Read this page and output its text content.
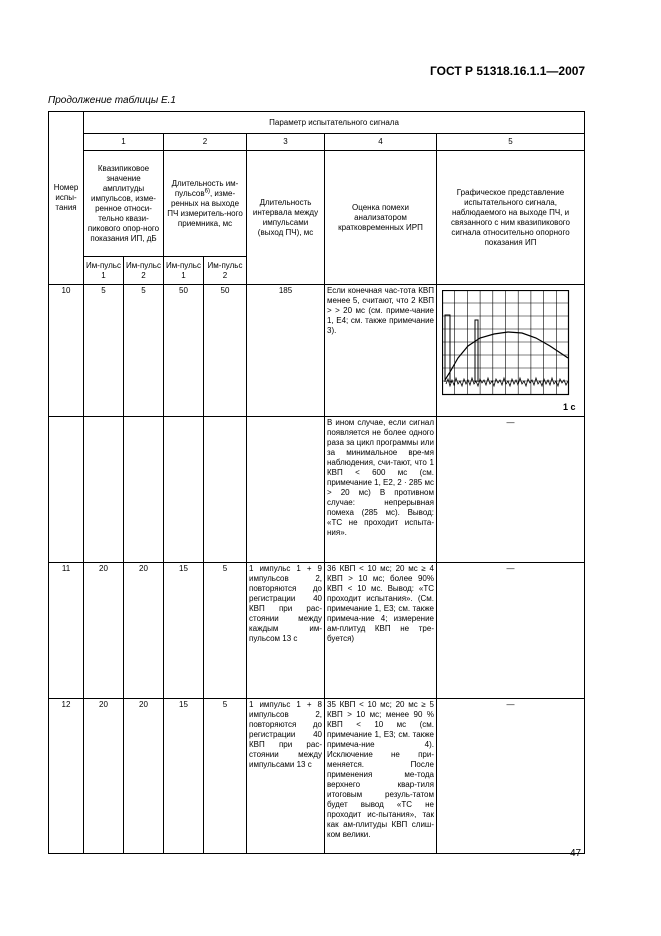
ГОСТ Р 51318.16.1.1—2007
Продолжение таблицы Е.1
Номер испы-тания	Параметр испытательного сигнала						
	1		2		3	4	5
	Квазипиковое значение амплитуды импульсов, изме-ренное относи-тельно квази-пикового опор-ного показания ИП, дБ		Длительность им-пульсов$^{6)}$, изме-ренных на выходе ПЧ измеритель-ного приемника, мс		Длительность интервала между импульсами (выход ПЧ), мс	Оценка помехи анализатором кратковременных ИРП	Графическое представление испытательного сигнала, наблюдаемого на выходе ПЧ, и связанного с ним квазипикового сигнала относительно опорного показания ИП
	Им-пульс 1	Им-пульс 2	Им-пульс 1	Им-пульс 2			
10	5	5	50	50	185	Если конечная час-тота КВП менее 5, считают, что 2 КВП > > 20 мс (см. приме-чание 1, Е4; см. также примечание 3).	1 с

						В ином случае, если сигнал появляется не более одного раза за цикл программы или за минимальное вре-мя наблюдения, счи-тают, что 1 КВП < 600 мс (см. примечание 1, Е2, 2 · 285 мс > 20 мс) В противном случае: непрерывная помеха (285 мс). Вывод: «ТС не проходит испыта-ния».	—
11	20	20	15	5	1 импульс 1 + 9 импульсов 2, повторяются до регистрации 40 КВП при рас-стоянии между каждым им-пульсом 13 с	36 КВП < 10 мс; 20 мс ≥ 4 КВП > 10 мс; более 90% КВП < 10 мс. Вывод: «ТС проходит испытания». (См. примечание 1, Е3; см. также примеча-ние 4; измерение ам-плитуд КВП не тре-буется)	—
12	20	20	15	5	1 импульс 1 + 8 импульсов 2, повторяются до регистрации 40 КВП при рас-стоянии между импульсами 13 с	35 КВП < 10 мс; 20 мс ≥ 5 КВП > 10 мс; менее 90 % КВП < 10 мс (см. примечание 1, Е3; см. также примеча-ние 4). Исключение не при-меняется. После применения ме-тода верхнего квар-тиля итоговым резуль-татом будет вывод «ТС не проходит ис-пытания», так как ам-плитуды КВП слиш-ком велики.	—
47
